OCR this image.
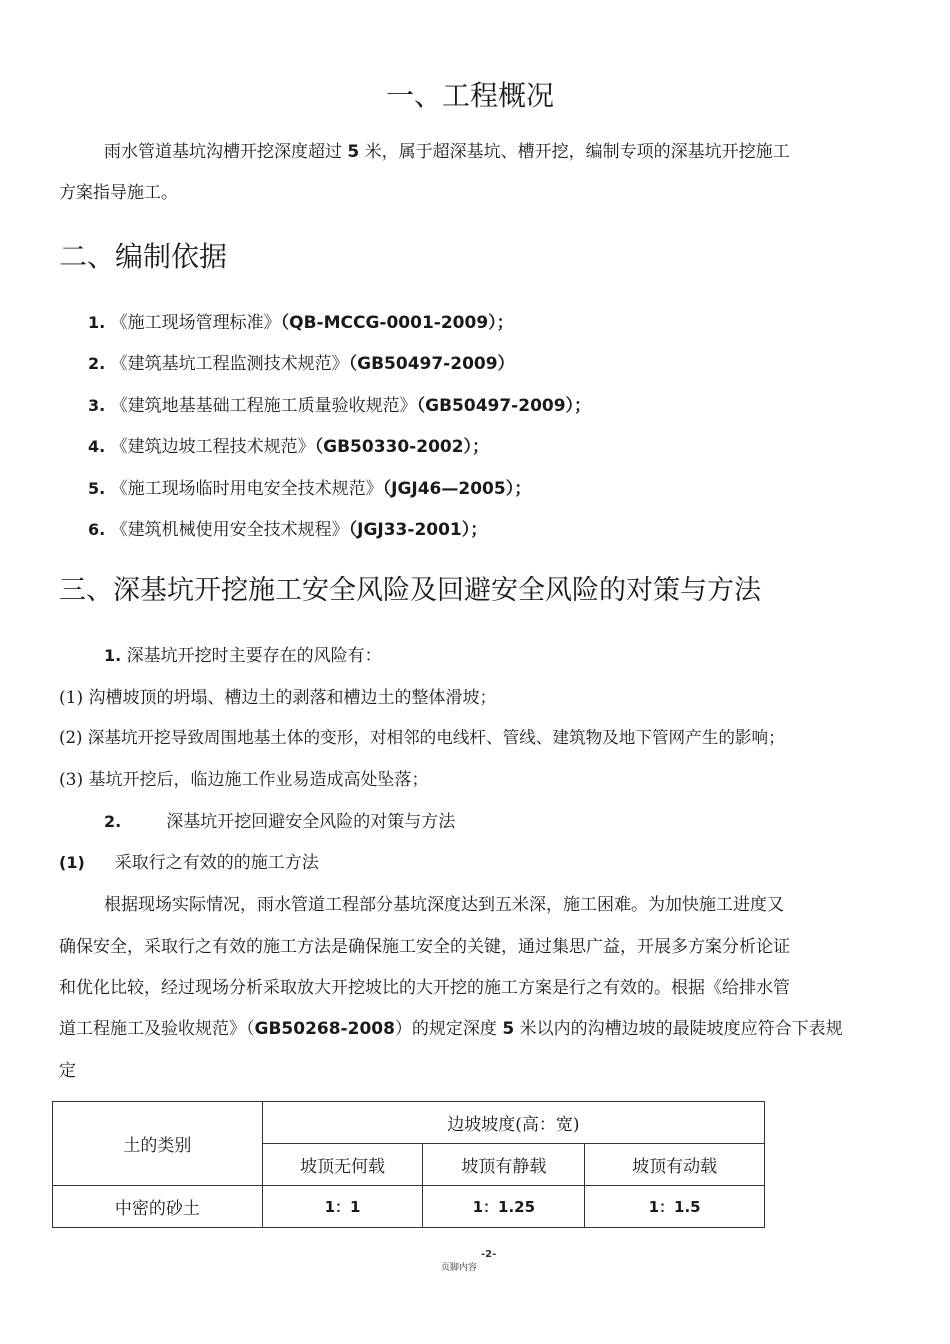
一、工程概况
雨水管道基坑沟槽开挖深度超过 5 米，属于超深基坑、槽开挖，编制专项的深基坑开挖施工
方案指导施工。
二、编制依据
1. 《施工现场管理标准》（QB-MCCG-0001-2009）；
2. 《建筑基坑工程监测技术规范》（GB50497-2009）
3. 《建筑地基基础工程施工质量验收规范》（GB50497-2009）；
4. 《建筑边坡工程技术规范》（GB50330-2002）；
5. 《施工现场临时用电安全技术规范》（JGJ46—2005）；
6. 《建筑机械使用安全技术规程》（JGJ33-2001）；
三、深基坑开挖施工安全风险及回避安全风险的对策与方法
1. 深基坑开挖时主要存在的风险有：
(1) 沟槽坡顶的坍塌、槽边土的剥落和槽边土的整体滑坡；
(2) 深基坑开挖导致周围地基土体的变形，对相邻的电线杆、管线、建筑物及地下管网产生的影响；
(3) 基坑开挖后，临边施工作业易造成高处坠落；
2.	深基坑开挖回避安全风险的对策与方法
(1) 采取行之有效的的施工方法
根据现场实际情况，雨水管道工程部分基坑深度达到五米深，施工困难。为加快施工进度又
确保安全，采取行之有效的施工方法是确保施工安全的关键，通过集思广益，开展多方案分析论证
和优化比较，经过现场分析采取放大开挖坡比的大开挖的施工方案是行之有效的。根据《给排水管
道工程施工及验收规范》（GB50268-2008）的规定深度 5 米以内的沟槽边坡的最陡坡度应符合下表规
定
土的类别	边坡坡度(高：宽)		
	坡顶无何载	坡顶有静载	坡顶有动载
中密的砂土	1：1	1：1.25	1：1.5
-2-
页脚内容
